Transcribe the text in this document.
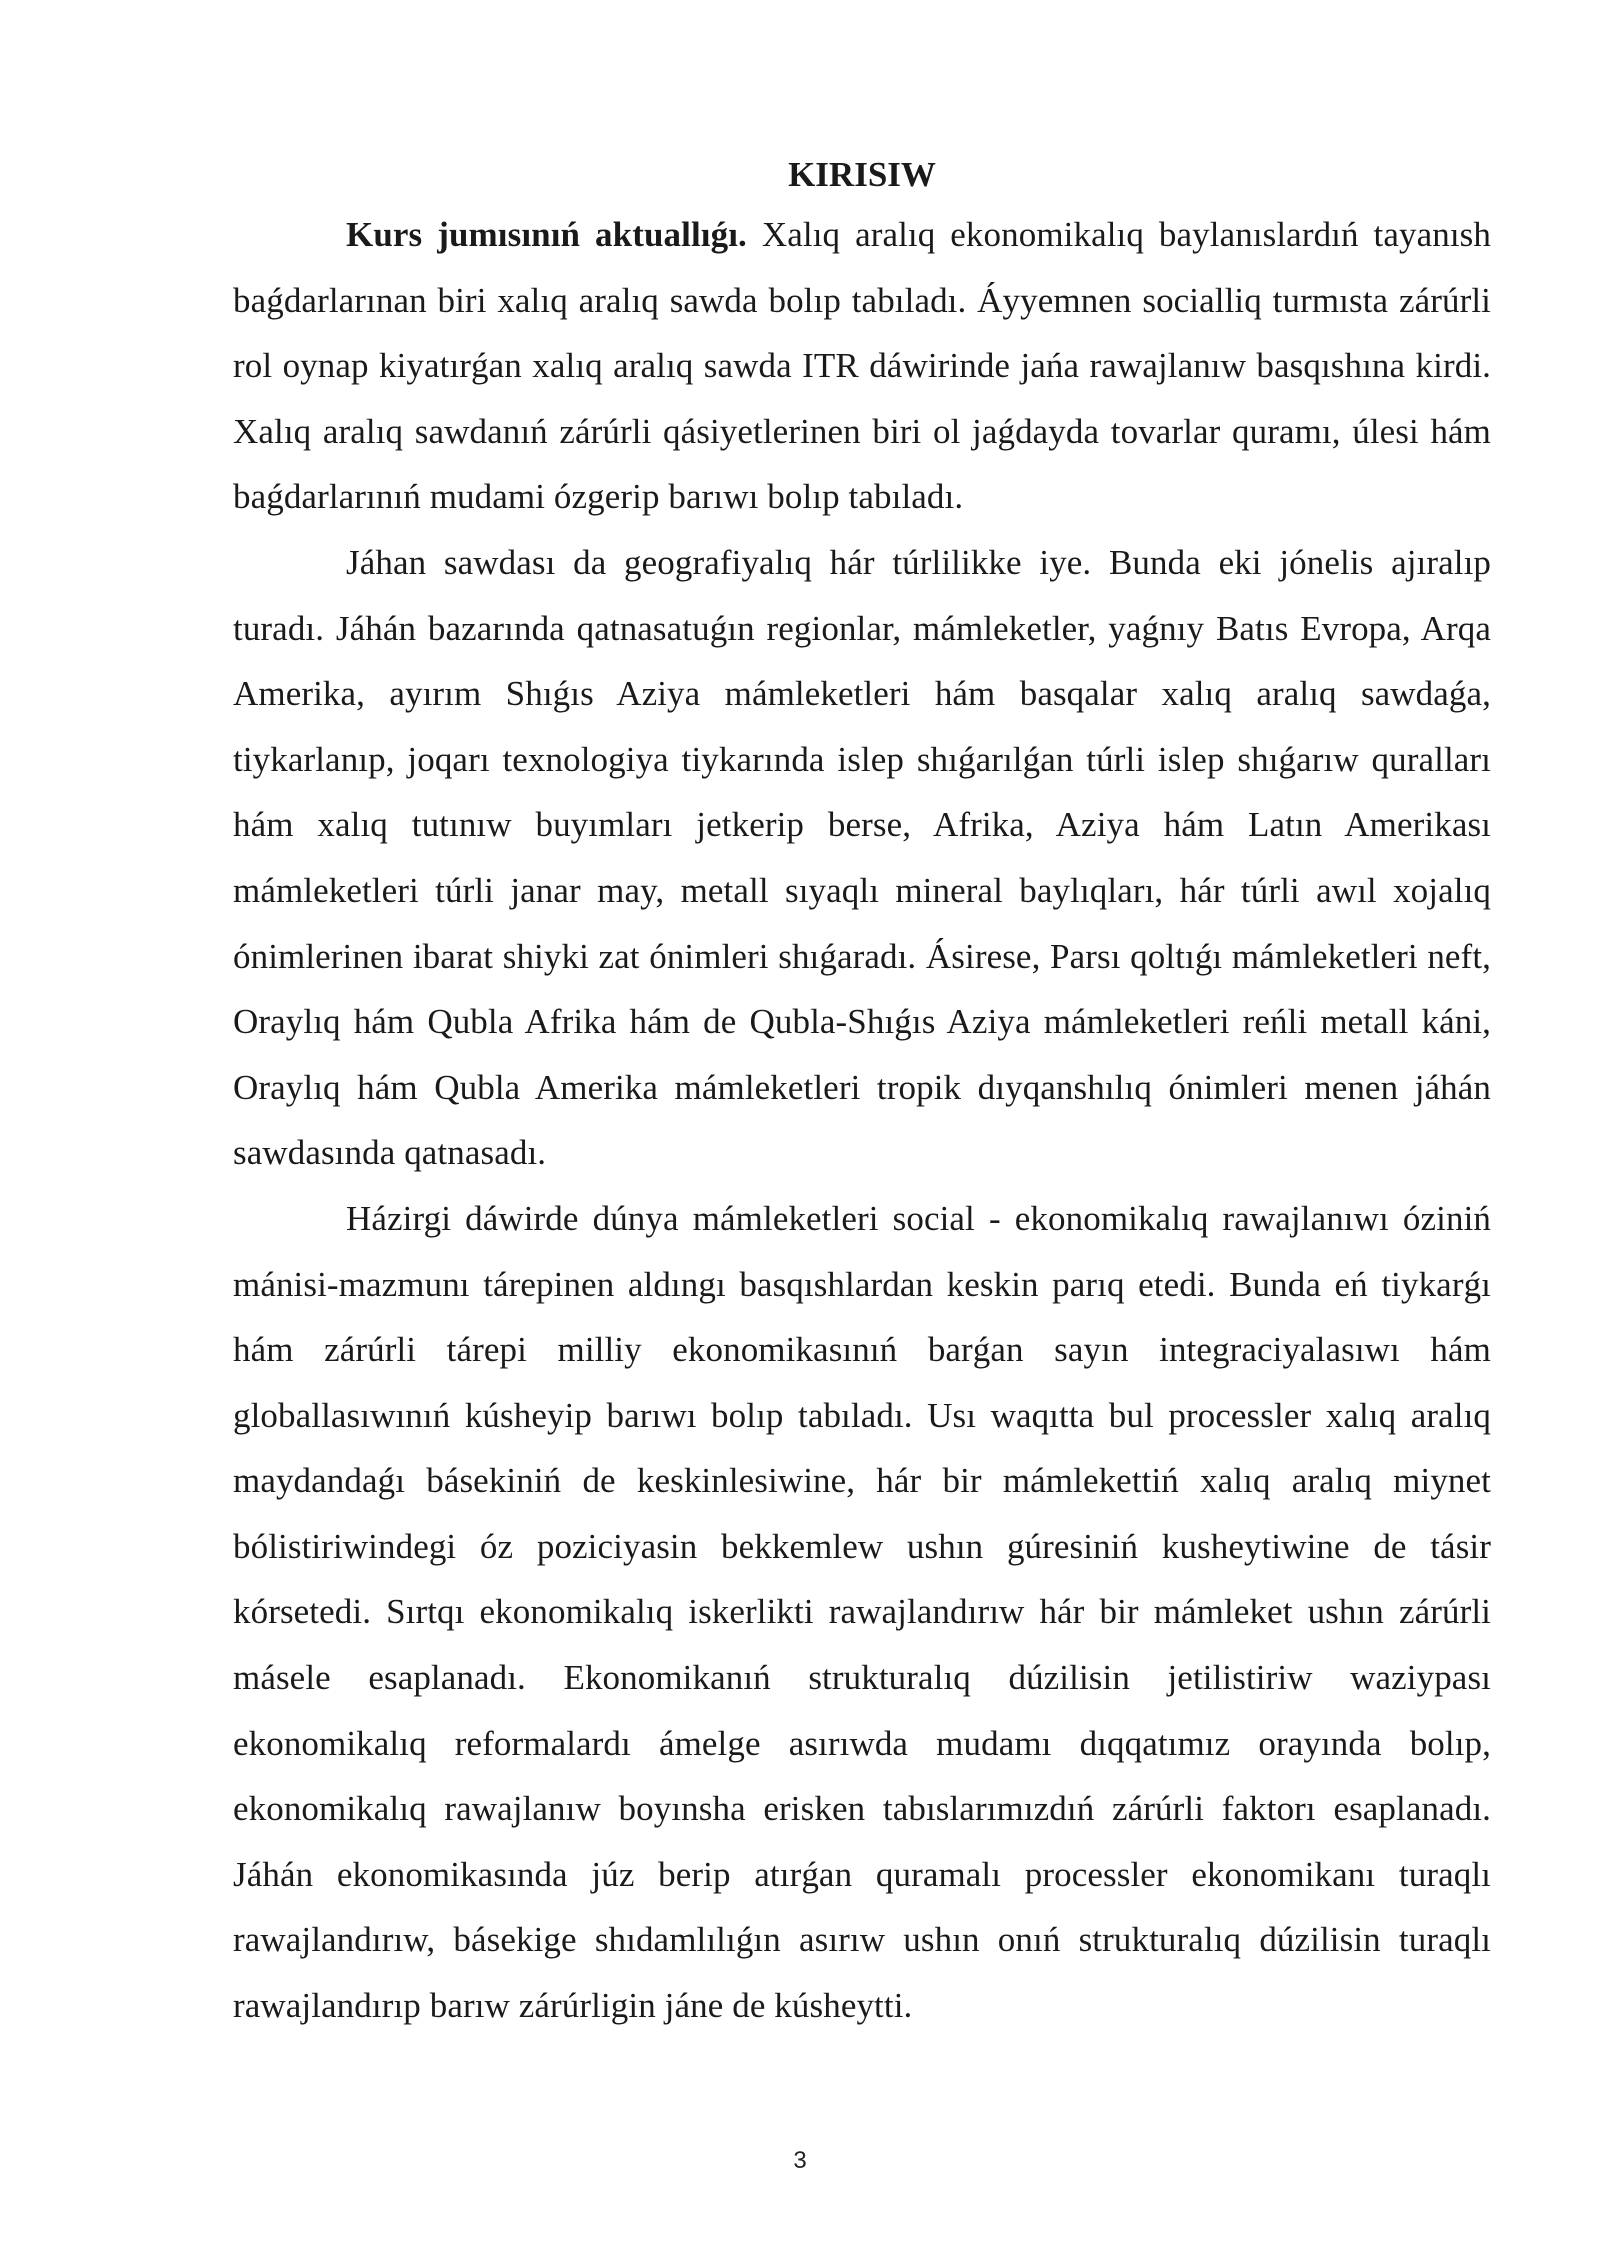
KIRISIW

Kurs jumısınıń aktuallıǵı. Xalıq aralıq ekonomikalıq baylanıslardıń tayanısh baǵdarlarınan biri xalıq aralıq sawda bolıp tabıladı. Áyyemnen socialliq turmısta zárúrli rol oynap kiyatırǵan xalıq aralıq sawda ITR dáwirinde jańa rawajlanıw basqıshına kirdi. Xalıq aralıq sawdanıń zárúrli qásiyetlerinen biri ol jaǵdayda tovarlar quramı, úlesi hám baǵdarlarınıń mudami ózgerip barıwı bolıp tabıladı.

Jáhan sawdası da geografiyalıq hár túrlilikke iye. Bunda eki jónelis ajıralıp turadı. Jáhán bazarında qatnasatuǵın regionlar, mámleketler, yaǵnıy Batıs Evropa, Arqa Amerika, ayırım Shıǵıs Aziya mámleketleri hám basqalar xalıq aralıq sawdaǵa, tiykarlanıp, joqarı texnologiya tiykarında islep shıǵarılǵan túrli islep shıǵarıw quralları hám xalıq tutınıw buyımları jetkerip berse, Afrika, Aziya hám Latın Amerikası mámleketleri túrli janar may, metall sıyaqlı mineral baylıqları, hár túrli awıl xojalıq ónimlerinen ibarat shiyki zat ónimleri shıǵaradı. Ásirese, Parsı qoltıǵı mámleketleri neft, Oraylıq hám Qubla Afrika hám de Qubla-Shıǵıs Aziya mámleketleri reńli metall káni, Oraylıq hám Qubla Amerika mámleketleri tropik dıyqanshılıq ónimleri menen jáhán sawdasında qatnasadı.

Házirgi dáwirde dúnya mámleketleri social - ekonomikalıq rawajlanıwı óziniń mánisi-mazmunı tárepinen aldıngı basqıshlardan keskin parıq etedi. Bunda eń tiykarǵı hám zárúrli tárepi milliy ekonomikasınıń barǵan sayın integraciyalasıwı hám globallasıwınıń kúsheyip barıwı bolıp tabıladı. Usı waqıtta bul processler xalıq aralıq maydandaǵı básekiniń de keskinlesiwine, hár bir mámlekettiń xalıq aralıq miynet bólistiriwindegi óz poziciyasin bekkemlew ushın gúresiniń kusheytiwine de tásir kórsetedi. Sırtqı ekonomikalıq iskerlikti rawajlandırıw hár bir mámleket ushın zárúrli másele esaplanadı. Ekonomikanıń strukturalıq dúzilisin jetilistiriw waziypası ekonomikalıq reformalardı ámelge asırıwda mudamı dıqqatımız orayında bolıp, ekonomikalıq rawajlanıw boyınsha erisken tabıslarımızdıń zárúrli faktorı esaplanadı. Jáhán ekonomikasında júz berip atırǵan quramalı processler ekonomikanı turaqlı rawajlandırıw, básekige shıdamlılıǵın asırıw ushın onıń strukturalıq dúzilisin turaqlı rawajlandırıp barıw zárúrligin jáne de kúsheytti.

3
